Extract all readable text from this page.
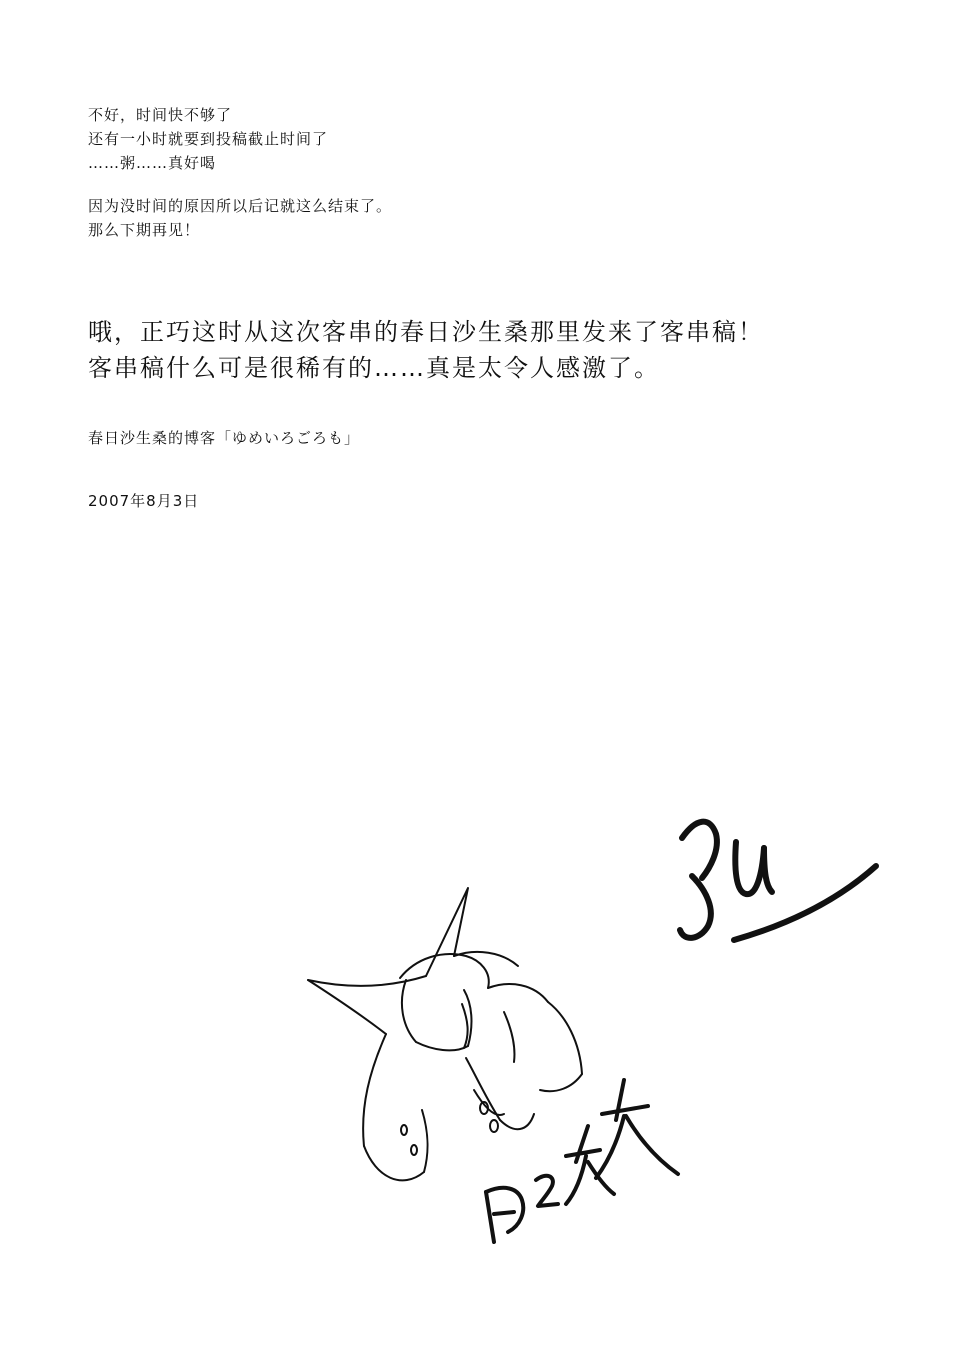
不好，时间快不够了
还有一小时就要到投稿截止时间了
……粥……真好喝
因为没时间的原因所以后记就这么结束了。
那么下期再见！
哦，正巧这时从这次客串的春日沙生桑那里发来了客串稿！
客串稿什么可是很稀有的……真是太令人感激了。
春日沙生桑的博客「ゆめいろごろも」
2007年8月3日
